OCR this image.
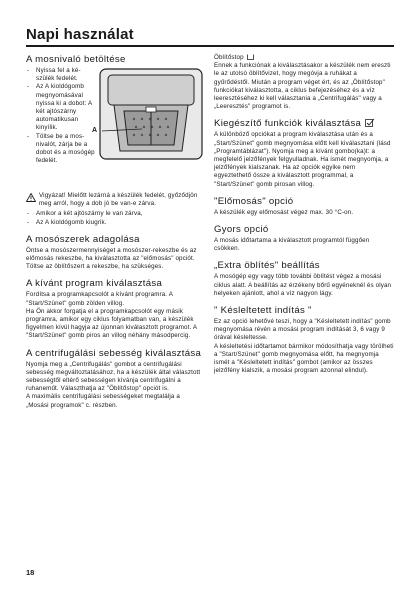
Napi használat
A mosnivaló betöltése
- Nyissa fel a ké-szülék fedelét.
- Az A kioldógomb megnyomásával nyissa ki a dobot: A két ajtószárny automatikusan kinyílik.	A
- Töltse be a mos-nivalót, zárja be a dobot és a mosógép fedelét.
Vigyázat! Mielőtt lezárná a készülék fedelét, győződjön meg arról, hogy a dob jó be van-e zárva.
- Amikor a két ajtószárny le van zárva,
- Az A kioldógomb kiugrik.
A mosószerek adagolása
Öntse a mosószermennyiséget a mosószer-rekeszbe és az előmosás rekeszbe, ha kiválasztotta az "előmosás" opciót. Töltse az öblítőszert a rekeszbe, ha szükséges.
A kívánt program kiválasztása
Fordítsa a programkapcsolót a kívánt programra. A "Start/Szünet" gomb zölden villog.
Ha Ön akkor forgatja el a programkapcsolót egy másik programra, amikor egy ciklus folyamatban van, a készülék figyelmen kívül hagyja az újonnan kiválasztott programot. A "Start/Szünet" gomb piros an villog néhány másodpercig.
A centrifugálási sebesség kiválasztása
Nyomja meg a „Centrifugálás" gombot a centrifugálási sebesség megváltoztatásához, ha a készülék által választott sebességtől eltérő sebességen kívánja centrifugálni a ruhaneműt. Választhatja az "Öblítőstop" opciót is.
A maximális centrifugálási sebességeket megtalálja a „Mosási programok" c. részben.
Öblítőstop
Ennek a funkciónak a kiválasztásakor a készülék nem ereszti le az utolsó öblítővizet, hogy megóvja a ruhákat a gyűrődéstől. Miután a program véget ért, és az „Öblítőstop" funkciókat kiválasztotta, a ciklus befejezéséhez és a víz leeresztéséhez ki kell választania a „Centrifugálás" vagy a „Leeresztés" programot is.
Kiegészítő funkciók kiválasztása
A különböző opciókat a program kiválasztása után és a „Start/Szünet" gomb megnyomása előtt kell kiválasztani (lásd „Programtáblázat"). Nyomja meg a kívánt gombo(ka)t: a megfelelő jelzőfények felgyulladnak. Ha ismét megnyomja, a jelzőfények kialszanak. Ha az opciók egyike nem egyeztethető össze a kiválasztott programmal, a "Start/Szünet" gomb pirosan villog.
"Előmosás" opció
A készülék egy előmosást végez max. 30 °C-on.
Gyors opció
A mosás időtartama a kiválasztott programtól függően csökken.
„Extra öblítés" beállítás
A mosógép egy vagy több további öblítést végez a mosási ciklus alatt. A beállítás az érzékeny bőrű egyéneknél és olyan helyeken ajánlott, ahol a víz nagyon lágy.
" Késleltetett indítás "
Ez az opció lehetővé teszi, hogy a "Késleltetett indítás" gomb megnyomása révén a mosási program indítását 3, 6 vagy 9 órával késleltesse.
A késleltetési időtartamot bármikor módosíthatja vagy törölheti a "Start/Szünet" gomb megnyomása előtt, ha megnyomja ismét a "Késleltetett indítás" gombot (amikor az összes jelzőfény kialszik, a mosási program azonnal elindul).
18
